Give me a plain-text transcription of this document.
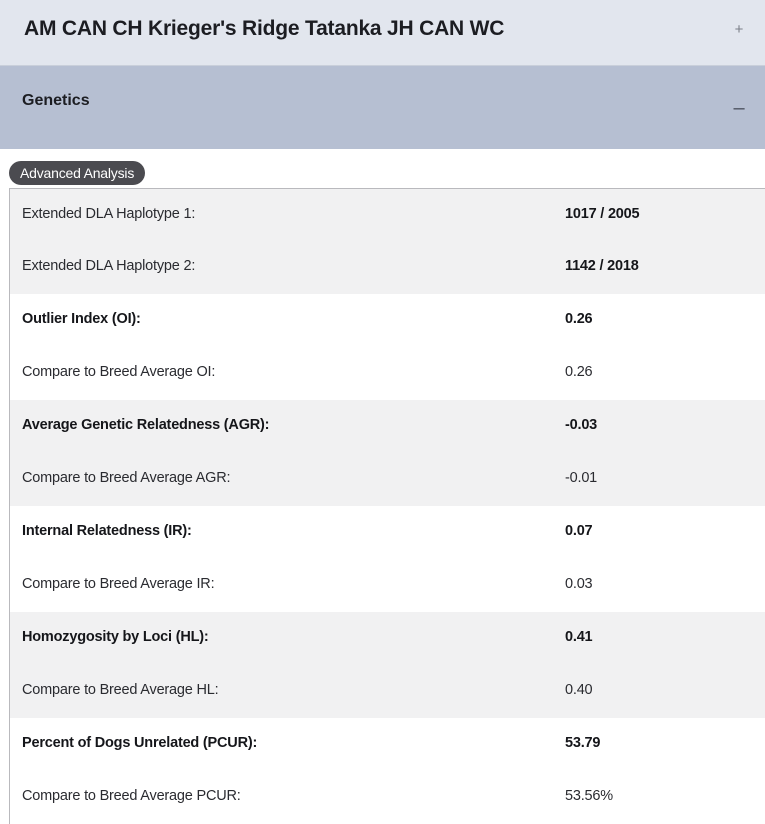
AM CAN CH Krieger's Ridge Tatanka JH CAN WC	+
Genetics	–
Advanced Analysis
Extended DLA Haplotype 1:	1017 / 2005
Extended DLA Haplotype 2:	1142 / 2018
Outlier Index (OI):	0.26
Compare to Breed Average OI:	0.26
Average Genetic Relatedness (AGR):	-0.03
Compare to Breed Average AGR:	-0.01
Internal Relatedness (IR):	0.07
Compare to Breed Average IR:	0.03
Homozygosity by Loci (HL):	0.41
Compare to Breed Average HL:	0.40
Percent of Dogs Unrelated (PCUR):	53.79
Compare to Breed Average PCUR:	53.56%
